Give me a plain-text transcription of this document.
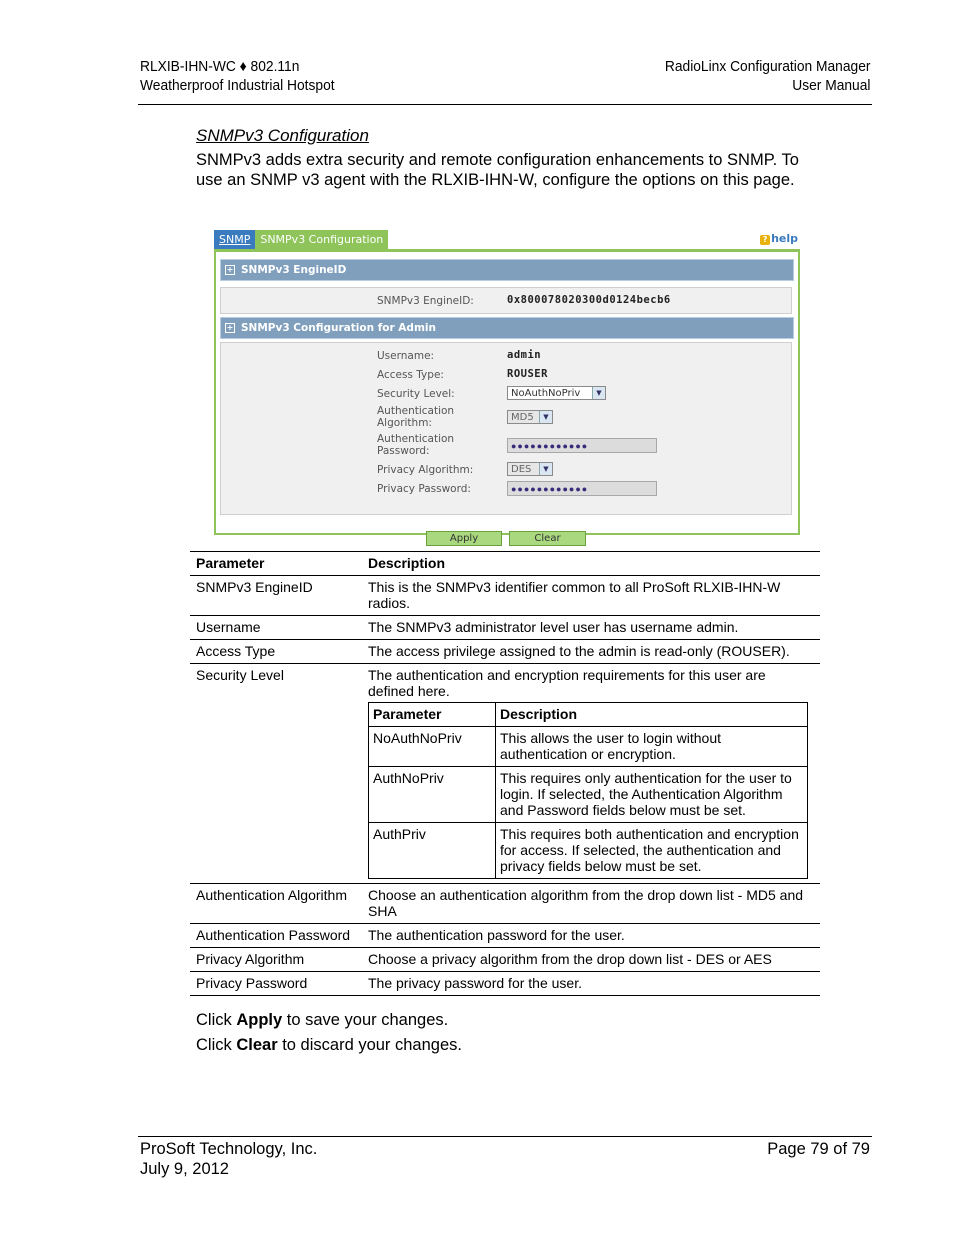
RLXIB-IHN-WC ♦ 802.11n
Weatherproof Industrial Hotspot
RadioLinx Configuration Manager
User Manual
SNMPv3 Configuration
SNMPv3 adds extra security and remote configuration enhancements to SNMP. To use an SNMP v3 agent with the RLXIB-IHN-W, configure the options on this page.
SNMP SNMPv3 Configuration	? help
+ SNMPv3 EngineID
SNMPv3 EngineID:	0x800078020300d0124becb6
+ SNMPv3 Configuration for Admin
Username:	admin
Access Type:	ROUSER
Security Level:	NoAuthNoPriv	▼
Authentication
Algorithm:	MD5	▼
Authentication
Password:	●●●●●●●●●●●●
Privacy Algorithm:	DES	▼
Privacy Password:	●●●●●●●●●●●●
Apply	Clear
Parameter	Description
SNMPv3 EngineID	This is the SNMPv3 identifier common to all ProSoft RLXIB-IHN-W radios.
Username	The SNMPv3 administrator level user has username admin.
Access Type	The access privilege assigned to the admin is read-only (ROUSER).
Security Level	The authentication and encryption requirements for this user are defined here.
Parameter	Description
NoAuthNoPriv	This allows the user to login without authentication or encryption.
AuthNoPriv	This requires only authentication for the user to login. If selected, the Authentication Algorithm and Password fields below must be set.
AuthPriv	This requires both authentication and encryption for access. If selected, the authentication and privacy fields below must be set.

Authentication Algorithm	Choose an authentication algorithm from the drop down list - MD5 and SHA
Authentication Password	The authentication password for the user.
Privacy Algorithm	Choose a privacy algorithm from the drop down list - DES or AES
Privacy Password	The privacy password for the user.
Click Apply to save your changes.
Click Clear to discard your changes.
ProSoft Technology, Inc.
July 9, 2012
Page 79 of 79
